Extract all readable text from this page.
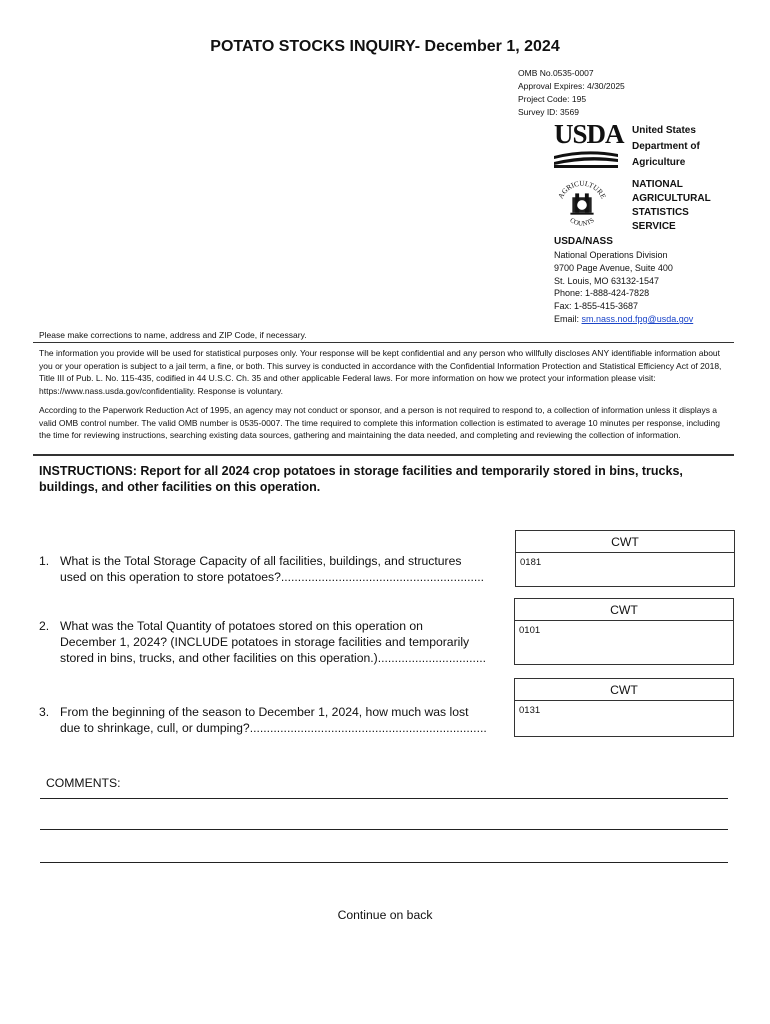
POTATO STOCKS INQUIRY- December 1, 2024
OMB No.0535-0007
Approval Expires: 4/30/2025
Project Code: 195
Survey ID: 3569
USDA United States
Department of
Agriculture
AGRICULTURE
COUNTS
NATIONAL
AGRICULTURAL
STATISTICS
SERVICE
USDA/NASS
National Operations Division
9700 Page Avenue, Suite 400
St. Louis, MO 63132-1547
Phone: 1-888-424-7828
Fax: 1-855-415-3687
Email: sm.nass.nod.fpg@usda.gov
Please make corrections to name, address and ZIP Code, if necessary.
The information you provide will be used for statistical purposes only. Your response will be kept confidential and any person who willfully discloses ANY identifiable information about you or your operation is subject to a jail term, a fine, or both. This survey is conducted in accordance with the Confidential Information Protection and Statistical Efficiency Act of 2018, Title III of Pub. L. No. 115-435, codified in 44 U.S.C. Ch. 35 and other applicable Federal laws. For more information on how we protect your information please visit: https://www.nass.usda.gov/confidentiality. Response is voluntary.
According to the Paperwork Reduction Act of 1995, an agency may not conduct or sponsor, and a person is not required to respond to, a collection of information unless it displays a valid OMB control number. The valid OMB number is 0535-0007. The time required to complete this information collection is estimated to average 10 minutes per response, including the time for reviewing instructions, searching existing data sources, gathering and maintaining the data needed, and completing and reviewing the collection of information.
INSTRUCTIONS: Report for all 2024 crop potatoes in storage facilities and temporarily stored in bins, trucks, buildings, and other facilities on this operation.
1. What is the Total Storage Capacity of all facilities, buildings, and structures
used on this operation to store potatoes?............................................................
CWT
0181
2. What was the Total Quantity of potatoes stored on this operation on
December 1, 2024? (INCLUDE potatoes in storage facilities and temporarily
stored in bins, trucks, and other facilities on this operation.)................................
CWT
0101
3. From the beginning of the season to December 1, 2024, how much was lost
due to shrinkage, cull, or dumping?......................................................................
CWT
0131
COMMENTS:
Continue on back
